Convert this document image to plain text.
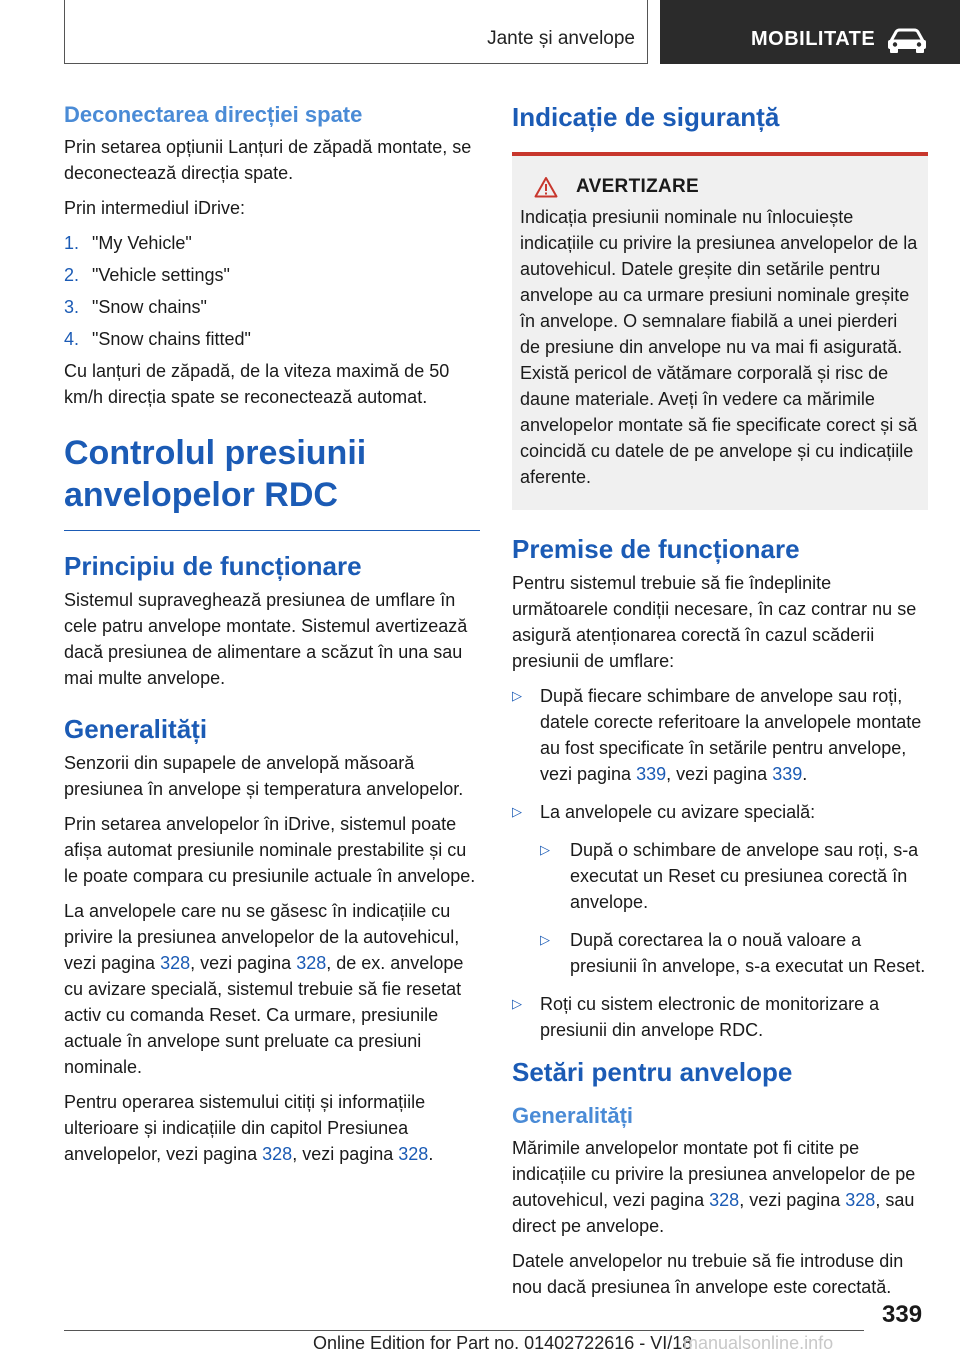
Jante și anvelope	MOBILITATE
Deconectarea direcției spate

Prin setarea opțiunii Lanțuri de zăpadă montate, se deconectează direcția spate.

Prin intermediul iDrive:

1. "My Vehicle"
2. "Vehicle settings"
3. "Snow chains"
4. "Snow chains fitted"

Cu lanțuri de zăpadă, de la viteza maximă de 50 km/h direcția spate se reconectează automat.

Controlul presiunii anvelopelor RDC
Principiu de funcționare

Sistemul supraveghează presiunea de umflare în cele patru anvelope montate. Sistemul avertizează dacă presiunea de alimentare a scăzut în una sau mai multe anvelope.

Generalități

Senzorii din supapele de anvelopă măsoară presiunea în anvelope și temperatura anvelopelor.

Prin setarea anvelopelor în iDrive, sistemul poate afișa automat presiunile nominale prestabilite și cu le poate compara cu presiunile actuale în anvelope.

La anvelopele care nu se găsesc în indicațiile cu privire la presiunea anvelopelor de la autovehicul, vezi pagina 328, vezi pagina 328, de ex. anvelope cu avizare specială, sistemul trebuie să fie resetat activ cu comanda Reset. Ca urmare, presiunile actuale în anvelope sunt preluate ca presiuni nominale.

Pentru operarea sistemului citiți și informațiile ulterioare și indicațiile din capitol Presiunea anvelopelor, vezi pagina 328, vezi pagina 328.

Indicație de siguranță
AVERTIZARE

Indicația presiunii nominale nu înlocuiește indicațiile cu privire la presiunea anvelopelor de la autovehicul. Datele greșite din setările pentru anvelope au ca urmare presiuni nominale greșite în anvelope. O semnalare fiabilă a unei pierderi de presiune din anvelope nu va mai fi asigurată. Există pericol de vătămare corporală și risc de daune materiale. Aveți în vedere ca mărimile anvelopelor montate să fie specificate corect și să coincidă cu datele de pe anvelope și cu indicațiile aferente.

Premise de funcționare

Pentru sistemul trebuie să fie îndeplinite următoarele condiții necesare, în caz contrar nu se asigură atenționarea corectă în cazul scăderii presiunii de umflare:

▷ După fiecare schimbare de anvelope sau roți, datele corecte referitoare la anvelopele montate au fost specificate în setările pentru anvelope, vezi pagina 339, vezi pagina 339.
▷ La anvelopele cu avizare specială:
▷ După o schimbare de anvelope sau roți, s-a executat un Reset cu presiunea corectă în anvelope.
▷ După corectarea la o nouă valoare a presiunii în anvelope, s-a executat un Reset.
▷ Roți cu sistem electronic de monitorizare a presiunii din anvelope RDC.
Setări pentru anvelope
Generalități

Mărimile anvelopelor montate pot fi citite pe indicațiile cu privire la presiunea anvelopelor de pe autovehicul, vezi pagina 328, vezi pagina 328, sau direct pe anvelope.

Datele anvelopelor nu trebuie să fie introduse din nou dacă presiunea în anvelope este corectată.

339
Online Edition for Part no. 01402722616 - VI/18
manualsonline.info
